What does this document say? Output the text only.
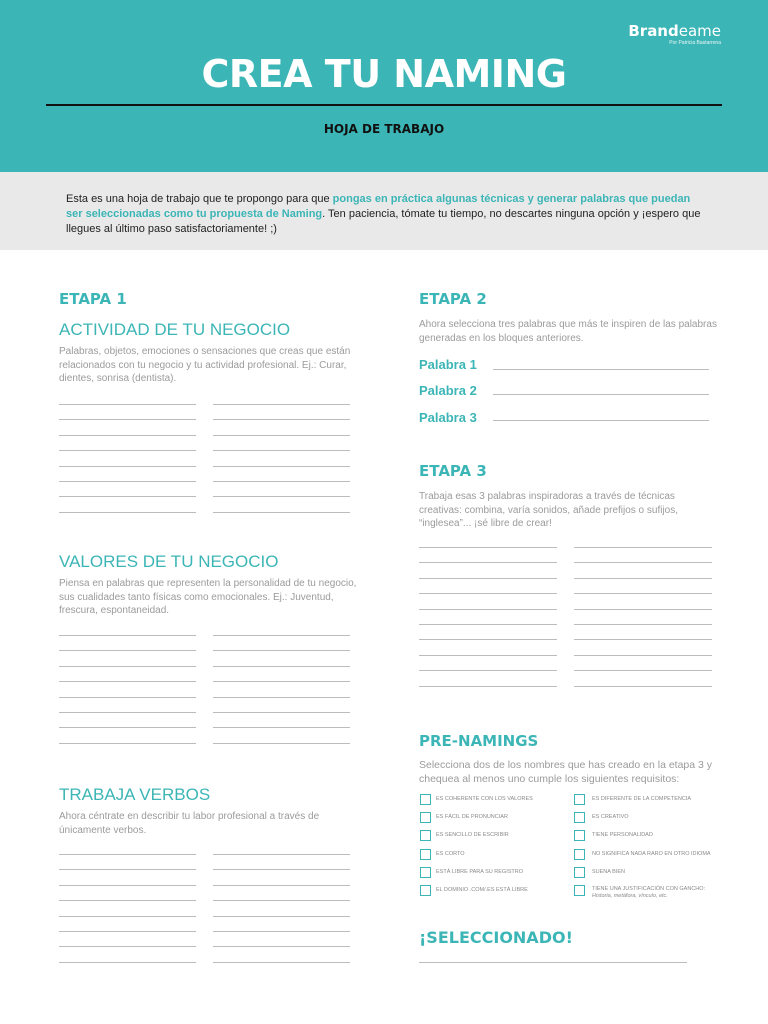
Brandeame
Por Patricia Bastarrena
CREA TU NAMING
HOJA DE TRABAJO
Esta es una hoja de trabajo que te propongo para que pongas en práctica algunas técnicas y generar palabras que puedan ser seleccionadas como tu propuesta de Naming. Ten paciencia, tómate tu tiempo, no descartes ninguna opción y ¡espero que llegues al último paso satisfactoriamente! ;)
ETAPA 1
ACTIVIDAD DE TU NEGOCIO
Palabras, objetos, emociones o sensaciones que creas que están relacionados con tu negocio y tu actividad profesional. Ej.: Curar, dientes, sonrisa (dentista).
VALORES DE TU NEGOCIO
Piensa en palabras que representen la personalidad de tu negocio, sus cualidades tanto físicas como emocionales. Ej.: Juventud, frescura, espontaneidad.
TRABAJA VERBOS
Ahora céntrate en describir tu labor profesional a través de únicamente verbos.
ETAPA 2
Ahora selecciona tres palabras que más te inspiren de las palabras generadas en los bloques anteriores.
Palabra 1
Palabra 2
Palabra 3
ETAPA 3
Trabaja esas 3 palabras inspiradoras a través de técnicas creativas: combina, varía sonidos, añade prefijos o sufijos, “inglesea”... ¡sé libre de crear!
PRE-NAMINGS
Selecciona dos de los nombres que has creado en la etapa 3 y chequea al menos uno cumple los siguientes requisitos:
ES COHERENTE CON LOS VALORES
ES FÁCIL DE PRONUNCIAR
ES SENCILLO DE ESCRIBIR
ES CORTO
ESTÁ LIBRE PARA SU REGISTRO
EL DOMINIO .COM/.ES ESTÁ LIBRE
ES DIFERENTE DE LA COMPETENCIA
ES CREATIVO
TIENE PERSONALIDAD
NO SIGNIFICA NADA RARO EN OTRO IDIOMA
SUENA BIEN
TIENE UNA JUSTIFICACIÓN CON GANCHO:
Historia, metáfora, vínculo, etc.
¡SELECCIONADO!
